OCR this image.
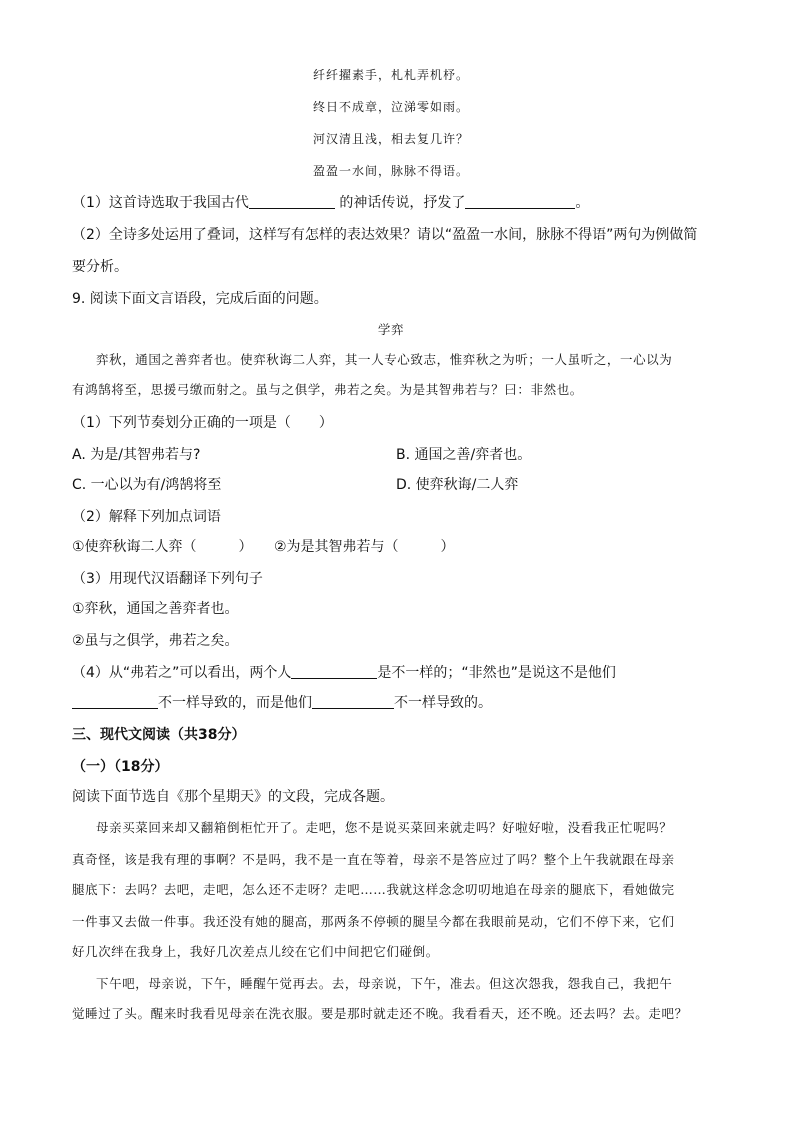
纤纤擢素手，札札弄机杼。
终日不成章，泣涕零如雨。
河汉清且浅，相去复几许？
盈盈一水间，脉脉不得语。
（1）这首诗选取于我国古代	的神话传说，抒发了	。
（2）全诗多处运用了叠词，这样写有怎样的表达效果？请以“盈盈一水间，脉脉不得语”两句为例做简
要分析。
9. 阅读下面文言语段，完成后面的问题。
学弈
弈秋，通国之善弈者也。使弈秋诲二人弈，其一人专心致志，惟弈秋之为听；一人虽听之，一心以为
有鸿鹄将至，思援弓缴而射之。虽与之俱学，弗若之矣。为是其智弗若与？曰：非然也。
（1）下列节奏划分正确的一项是（　　）
A. 为是/其智弗若与?	B. 通国之善/弈者也。
C. 一心以为有/鸿鹄将至	D. 使弈秋诲/二人弈
（2）解释下列加点词语
①使弈秋诲二人弈（　　　） ②为是其智弗若与（　　　）
（3）用现代汉语翻译下列句子
①弈秋，通国之善弈者也。
②虽与之俱学，弗若之矣。
（4）从“弗若之”可以看出，两个人	是不一样的；“非然也”是说这不是他们
不一样导致的，而是他们	不一样导致的。
三、现代文阅读（共38分）
（一）（18分）
阅读下面节选自《那个星期天》的文段，完成各题。
母亲买菜回来却又翻箱倒柜忙开了。走吧，您不是说买菜回来就走吗？好啦好啦，没看我正忙呢吗？
真奇怪，该是我有理的事啊？不是吗，我不是一直在等着，母亲不是答应过了吗？整个上午我就跟在母亲
腿底下：去吗？去吧，走吧，怎么还不走呀？走吧……我就这样念念叨叨地追在母亲的腿底下，看她做完
一件事又去做一件事。我还没有她的腿高，那两条不停顿的腿呈今都在我眼前晃动，它们不停下来，它们
好几次绊在我身上，我好几次差点儿绞在它们中间把它们碰倒。
下午吧，母亲说，下午，睡醒午觉再去。去，母亲说，下午，准去。但这次怨我，怨我自己，我把午
觉睡过了头。醒来时我看见母亲在洗衣服。要是那时就走还不晚。我看看天，还不晚。还去吗？去。走吧？
